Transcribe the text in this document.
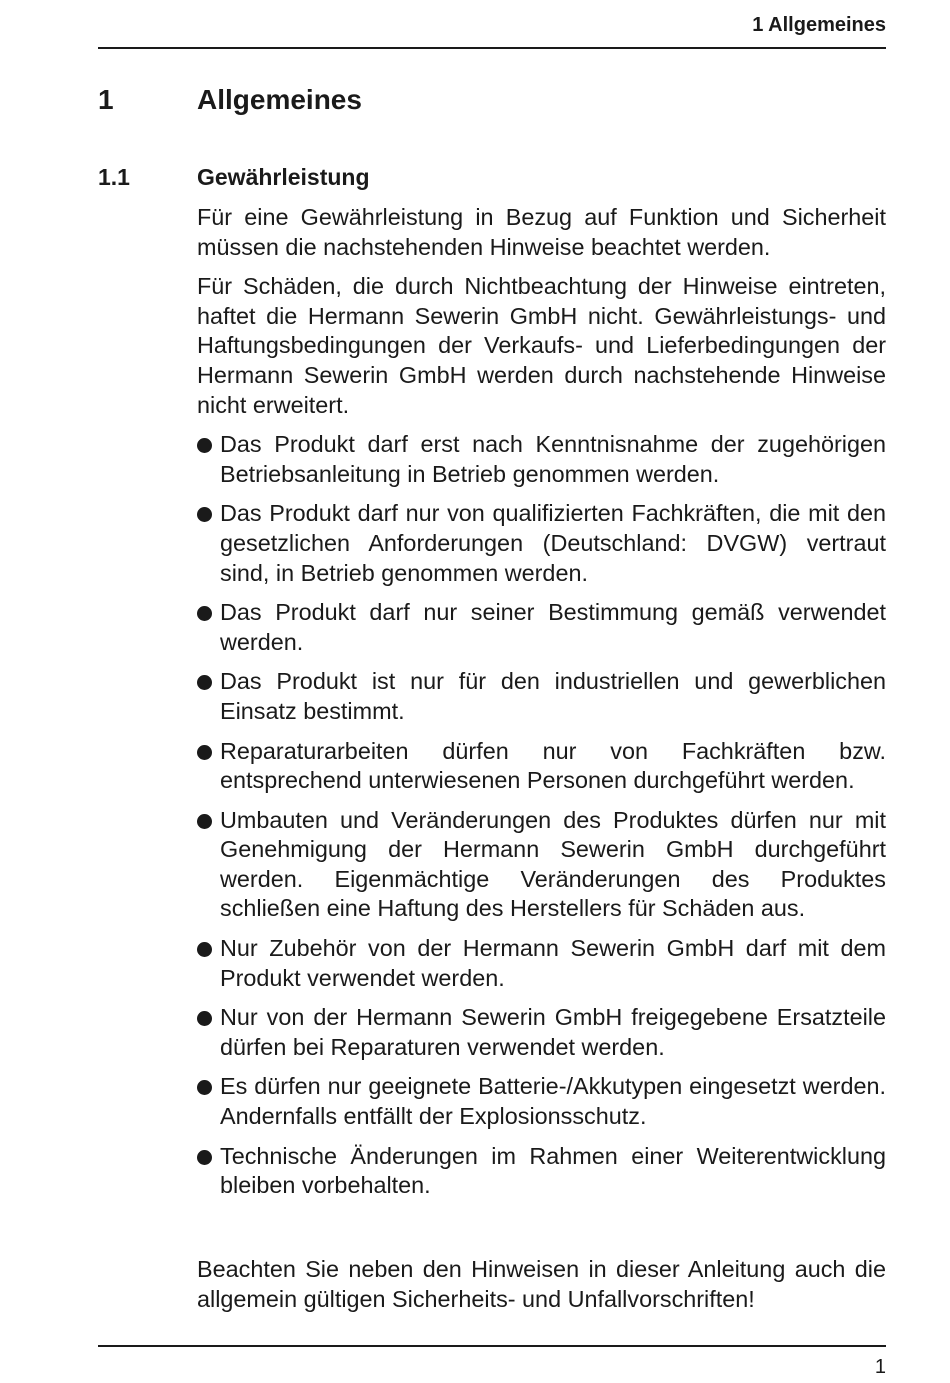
1 Allgemeines
1	Allgemeines
1.1	Gewährleistung

Für eine Gewährleistung in Bezug auf Funktion und Sicherheit müssen die nachstehenden Hinweise beachtet werden.

Für Schäden, die durch Nichtbeachtung der Hinweise eintreten, haftet die Hermann Sewerin GmbH nicht. Gewährleistungs- und Haftungsbedingungen der Verkaufs- und Lieferbedingungen der Hermann Sewerin GmbH werden durch nachstehende Hinweise nicht erweitert.

Das Produkt darf erst nach Kenntnisnahme der zugehörigen Betriebsanleitung in Betrieb genommen werden.
Das Produkt darf nur von qualifizierten Fachkräften, die mit den gesetzlichen Anforderungen (Deutschland: DVGW) vertraut sind, in Betrieb genommen werden.
Das Produkt darf nur seiner Bestimmung gemäß verwendet werden.
Das Produkt ist nur für den industriellen und gewerblichen Einsatz bestimmt.
Reparaturarbeiten dürfen nur von Fachkräften bzw. entsprechend unterwiesenen Personen durchgeführt werden.
Umbauten und Veränderungen des Produktes dürfen nur mit Genehmigung der Hermann Sewerin GmbH durchgeführt werden. Eigenmächtige Veränderungen des Produktes schließen eine Haftung des Herstellers für Schäden aus.
Nur Zubehör von der Hermann Sewerin GmbH darf mit dem Produkt verwendet werden.
Nur von der Hermann Sewerin GmbH freigegebene Ersatzteile dürfen bei Reparaturen verwendet werden.
Es dürfen nur geeignete Batterie-/Akkutypen eingesetzt werden. Andernfalls entfällt der Explosionsschutz.
Technische Änderungen im Rahmen einer Weiterentwicklung bleiben vorbehalten.

Beachten Sie neben den Hinweisen in dieser Anleitung auch die allgemein gültigen Sicherheits- und Unfallvorschriften!

1
